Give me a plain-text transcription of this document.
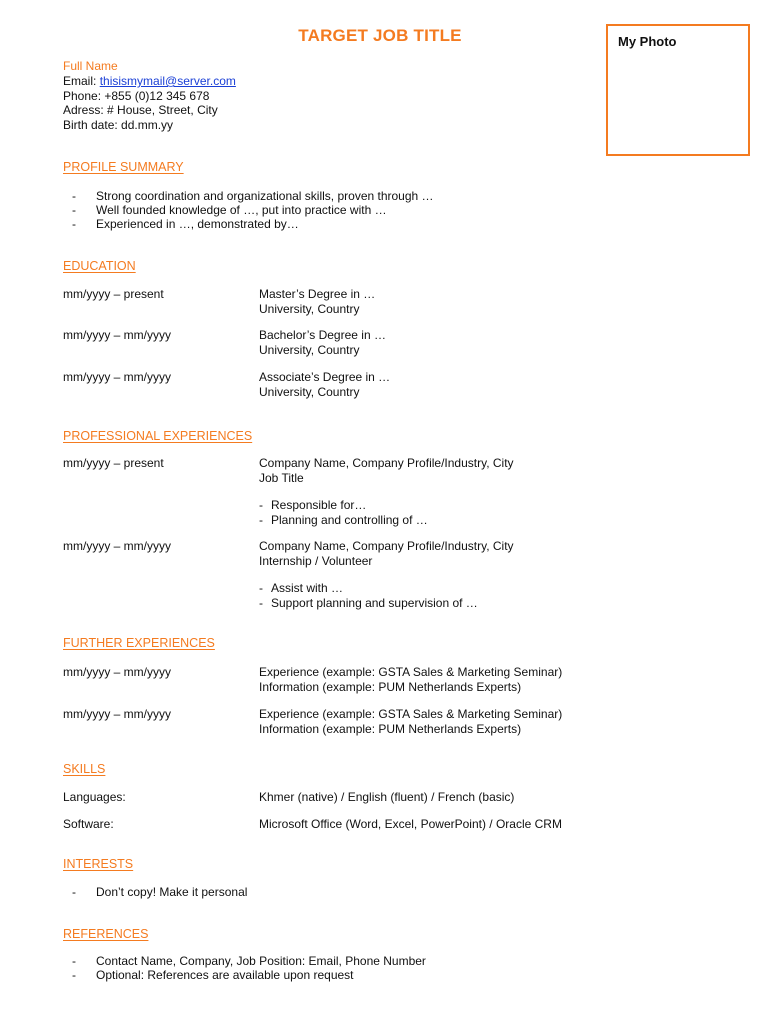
TARGET JOB TITLE	My Photo
Full Name
Email: thisismymail@server.com
Phone: +855 (0)12 345 678
Adress: # House, Street, City
Birth date: dd.mm.yy
PROFILE SUMMARY
- Strong coordination and organizational skills, proven through …
- Well founded knowledge of …, put into practice with …
- Experienced in …, demonstrated by…
EDUCATION
mm/yyyy – present	Master’s Degree in …
University, Country
mm/yyyy – mm/yyyy	Bachelor’s Degree in …
University, Country
mm/yyyy – mm/yyyy	Associate’s Degree in …
University, Country
PROFESSIONAL EXPERIENCES
mm/yyyy – present	Company Name, Company Profile/Industry, City
Job Title
- Responsible for…
- Planning and controlling of …
mm/yyyy – mm/yyyy	Company Name, Company Profile/Industry, City
Internship / Volunteer
- Assist with …
- Support planning and supervision of …
FURTHER EXPERIENCES
mm/yyyy – mm/yyyy	Experience (example: GSTA Sales & Marketing Seminar)
Information (example: PUM Netherlands Experts)
mm/yyyy – mm/yyyy	Experience (example: GSTA Sales & Marketing Seminar)
Information (example: PUM Netherlands Experts)
SKILLS
Languages:	Khmer (native) / English (fluent) / French (basic)
Software:	Microsoft Office (Word, Excel, PowerPoint) / Oracle CRM
INTERESTS
- Don’t copy! Make it personal
REFERENCES
- Contact Name, Company, Job Position: Email, Phone Number
- Optional: References are available upon request
